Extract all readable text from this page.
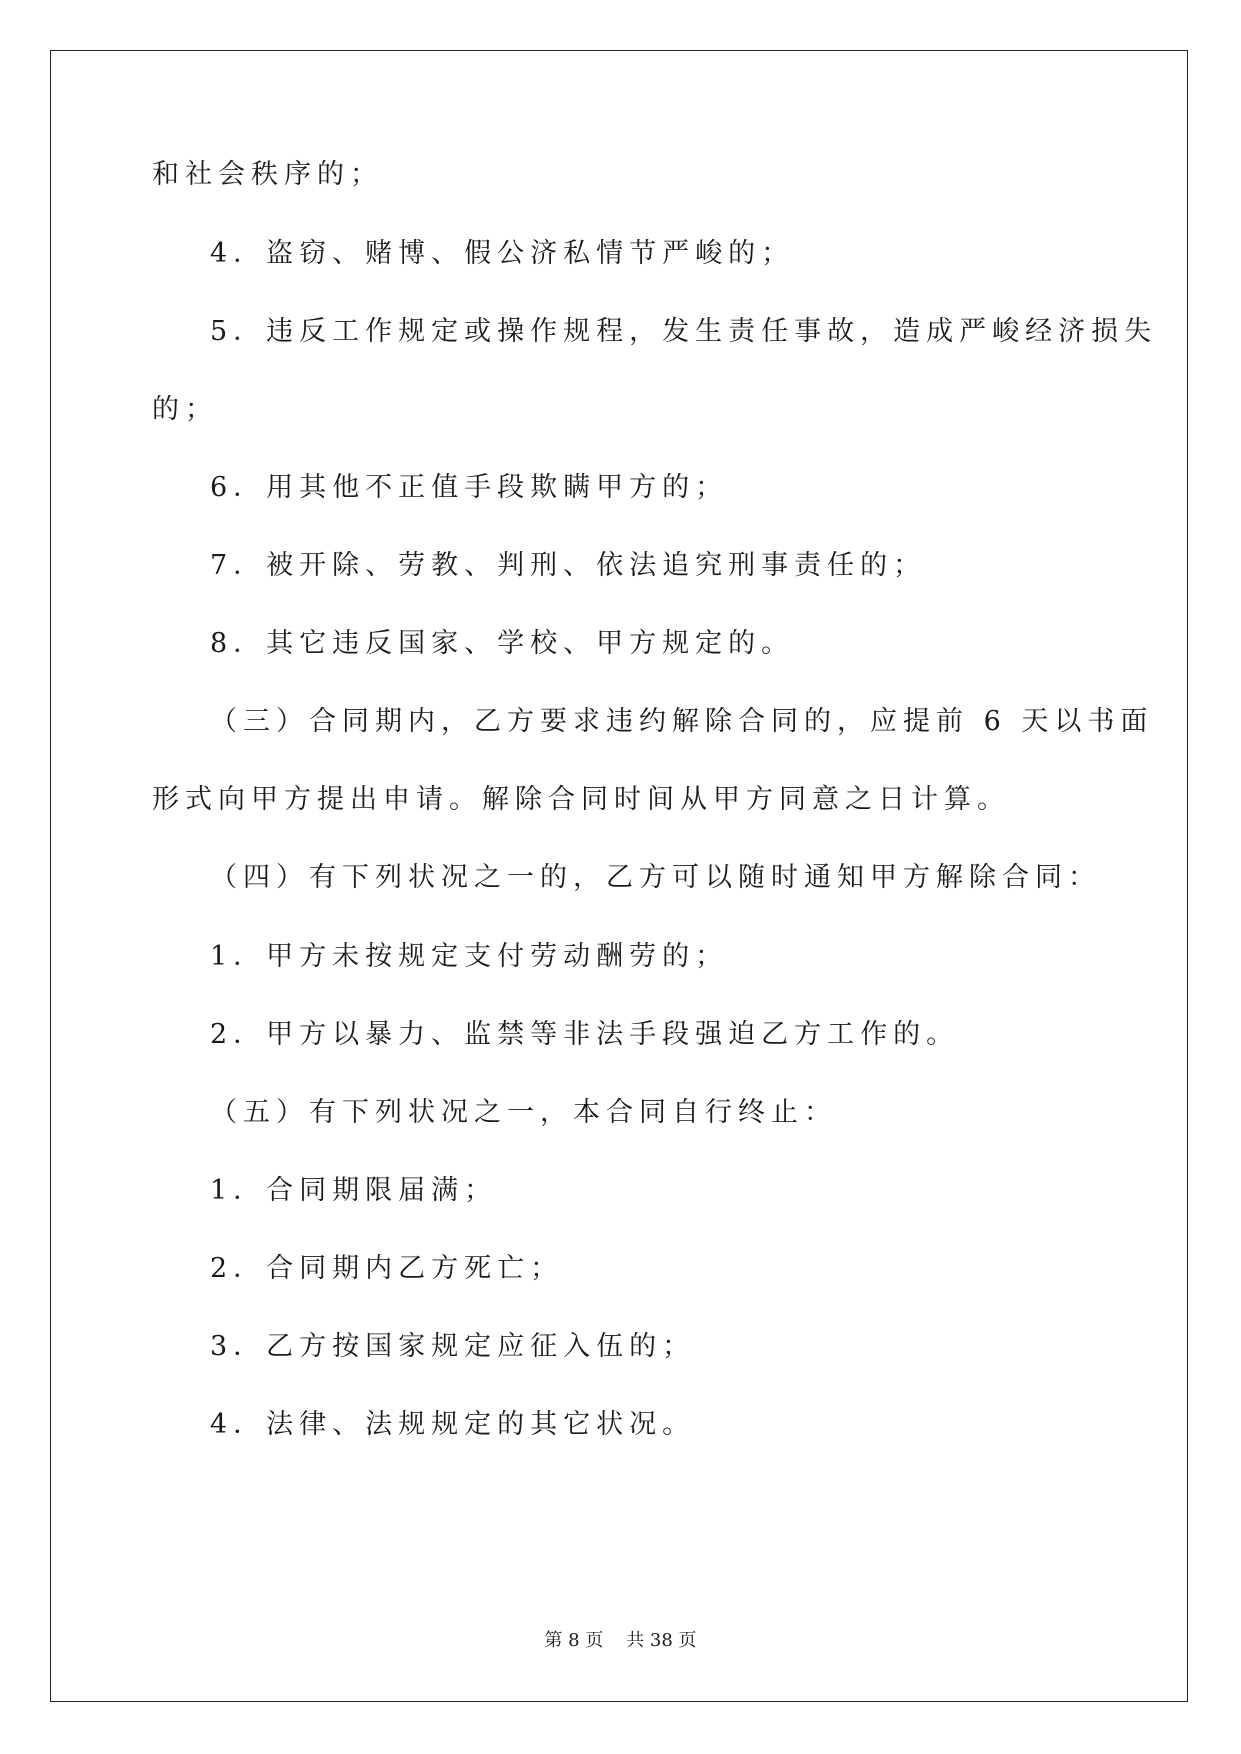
和社会秩序的；
4．盗窃、赌博、假公济私情节严峻的；
5．违反工作规定或操作规程，发生责任事故，造成严峻经济损失
的；
6．用其他不正值手段欺瞒甲方的；
7．被开除、劳教、判刑、依法追究刑事责任的；
8．其它违反国家、学校、甲方规定的。
（三）合同期内，乙方要求违约解除合同的，应提前 6 天以书面
形式向甲方提出申请。解除合同时间从甲方同意之日计算。
（四）有下列状况之一的，乙方可以随时通知甲方解除合同：
1．甲方未按规定支付劳动酬劳的；
2．甲方以暴力、监禁等非法手段强迫乙方工作的。
（五）有下列状况之一，本合同自行终止：
1．合同期限届满；
2．合同期内乙方死亡；
3．乙方按国家规定应征入伍的；
4．法律、法规规定的其它状况。
第 8 页    共 38 页
